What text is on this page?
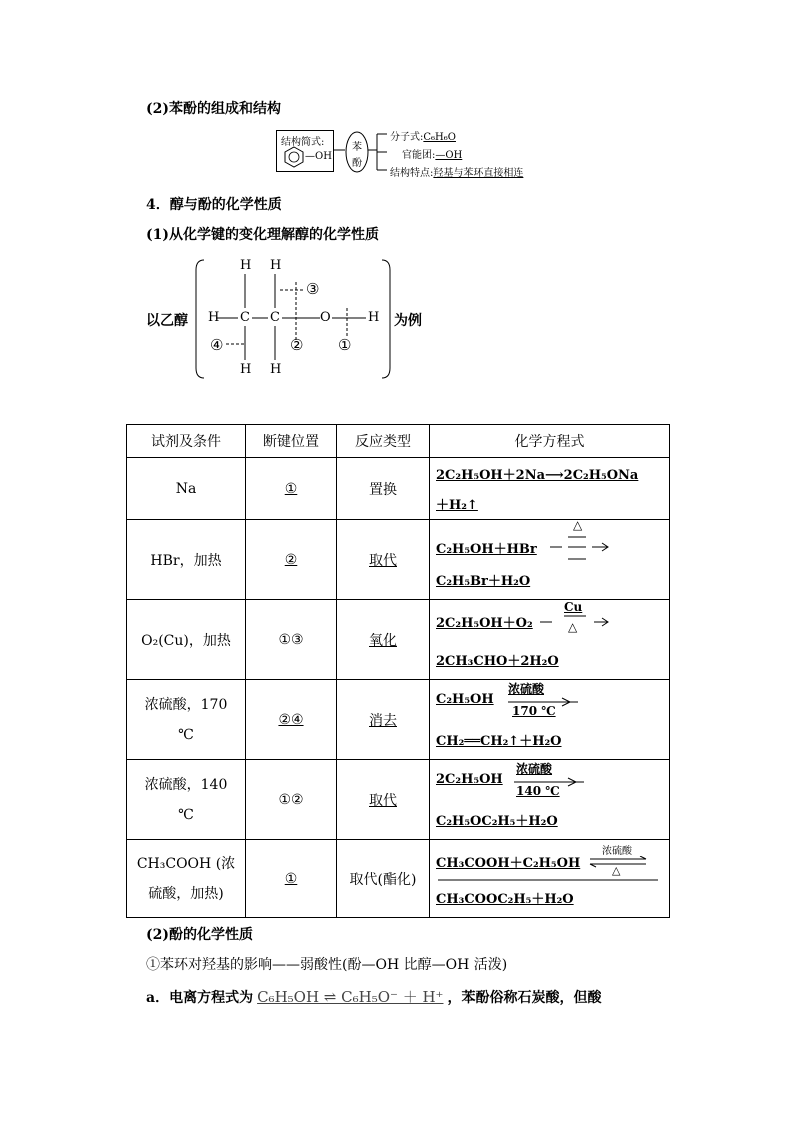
(2)苯酚的组成和结构
结构简式:
—OH
苯
酚
分子式:C₆H₆O
官能团:—OH
结构特点:羟基与苯环直接相连
4．醇与酚的化学性质
(1)从化学键的变化理解醇的化学性质
以乙醇
H H
H C C	O	H
H H
③
④	② ①
为例
试剂及条件	断键位置	反应类型	化学方程式
Na	①	置换	2C₂H₅OH＋2Na⟶2C₂H₅ONa
＋H₂↑

HBr，加热	②	取代	C₂H₅OH＋HBr
△
C₂H₅Br＋H₂O

O₂(Cu)，加热	①③	氧化	2C₂H₅OH＋O₂
Cu
△
2CH₃CHO＋2H₂O

浓硫酸，170 ℃	②④	消去	C₂H₅OH
浓硫酸
170 ℃
CH₂══CH₂↑＋H₂O

浓硫酸，140 ℃	①②	取代	2C₂H₅OH
浓硫酸
140 ℃
C₂H₅OC₂H₅＋H₂O

CH₃COOH (浓硫酸，加热)	①	取代(酯化)	CH₃COOH＋C₂H₅OH
浓硫酸
△
CH₃COOC₂H₅＋H₂O
(2)酚的化学性质
①苯环对羟基的影响——弱酸性(酚—OH 比醇—OH 活泼)
a．电离方程式为 C₆H₅OH ⇌ C₆H₅O⁻ ＋ H⁺ ，苯酚俗称石炭酸，但酸
